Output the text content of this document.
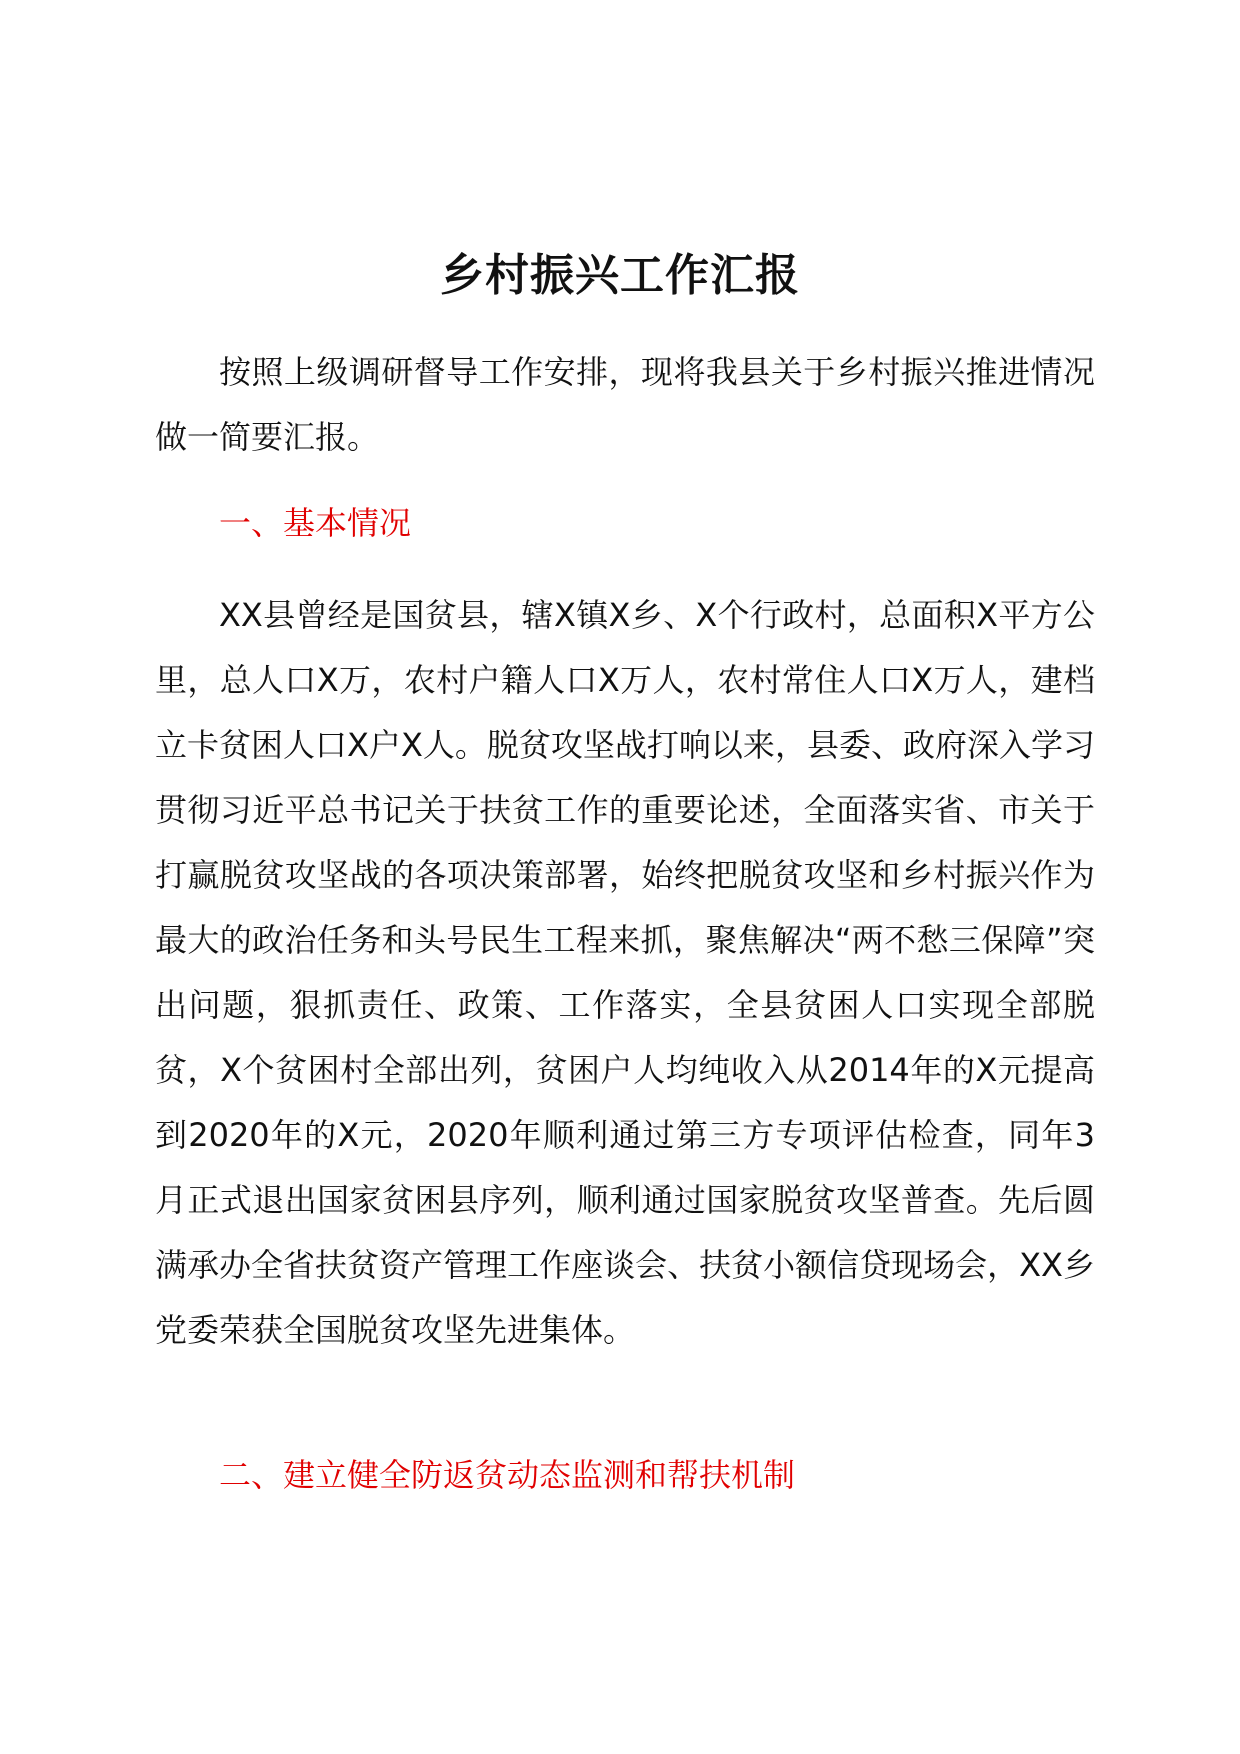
乡村振兴工作汇报

按照上级调研督导工作安排，现将我县关于乡村振兴推进情况做一简要汇报。

一、基本情况

XX县曾经是国贫县，辖X镇X乡、X个行政村，总面积X平方公里，总人口X万，农村户籍人口X万人，农村常住人口X万人，建档立卡贫困人口X户X人。脱贫攻坚战打响以来，县委、政府深入学习贯彻习近平总书记关于扶贫工作的重要论述，全面落实省、市关于打赢脱贫攻坚战的各项决策部署，始终把脱贫攻坚和乡村振兴作为最大的政治任务和头号民生工程来抓，聚焦解决“两不愁三保障”突出问题，狠抓责任、政策、工作落实，全县贫困人口实现全部脱贫，X个贫困村全部出列，贫困户人均纯收入从2014年的X元提高到2020年的X元，2020年顺利通过第三方专项评估检查，同年3月正式退出国家贫困县序列，顺利通过国家脱贫攻坚普查。先后圆满承办全省扶贫资产管理工作座谈会、扶贫小额信贷现场会，XX乡党委荣获全国脱贫攻坚先进集体。

二、建立健全防返贫动态监测和帮扶机制
